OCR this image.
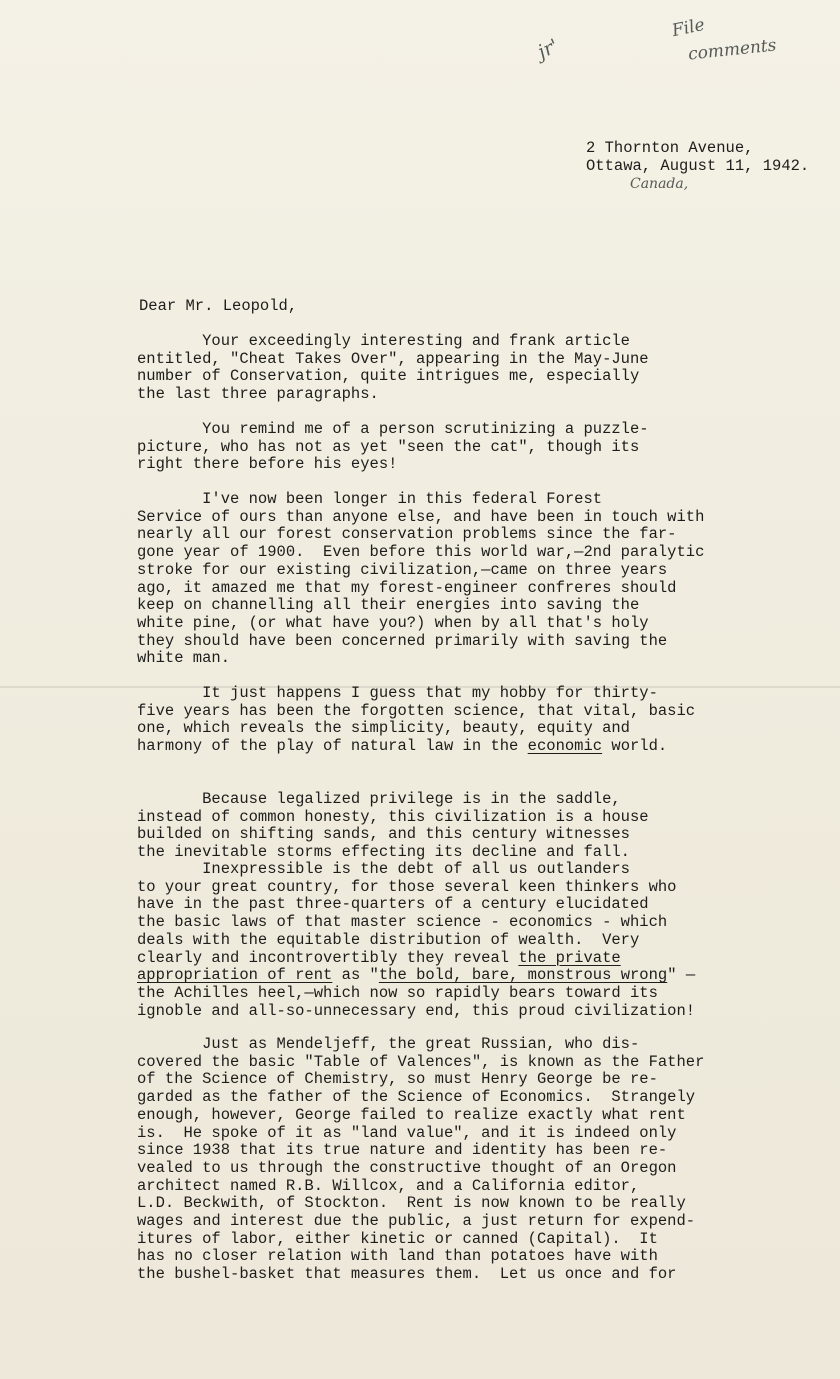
jr'
File
comments
Canada,
2 Thornton Avenue,
Ottawa, August 11, 1942.
Dear Mr. Leopold,
Your exceedingly interesting and frank article
entitled, "Cheat Takes Over", appearing in the May-June
number of Conservation, quite intrigues me, especially
the last three paragraphs.
You remind me of a person scrutinizing a puzzle-
picture, who has not as yet "seen the cat", though its
right there before his eyes!
I've now been longer in this federal Forest
Service of ours than anyone else, and have been in touch with
nearly all our forest conservation problems since the far-
gone year of 1900.  Even before this world war,—2nd paralytic
stroke for our existing civilization,—came on three years
ago, it amazed me that my forest-engineer confreres should
keep on channelling all their energies into saving the
white pine, (or what have you?) when by all that's holy
they should have been concerned primarily with saving the
white man.
It just happens I guess that my hobby for thirty-
five years has been the forgotten science, that vital, basic
one, which reveals the simplicity, beauty, equity and
harmony of the play of natural law in the economic world.
Because legalized privilege is in the saddle,
instead of common honesty, this civilization is a house
builded on shifting sands, and this century witnesses
the inevitable storms effecting its decline and fall.
Inexpressible is the debt of all us outlanders
to your great country, for those several keen thinkers who
have in the past three-quarters of a century elucidated
the basic laws of that master science - economics - which
deals with the equitable distribution of wealth.  Very
clearly and incontrovertibly they reveal the private
appropriation of rent as "the bold, bare, monstrous wrong" —
the Achilles heel,—which now so rapidly bears toward its
ignoble and all-so-unnecessary end, this proud civilization!
Just as Mendeljeff, the great Russian, who dis-
covered the basic "Table of Valences", is known as the Father
of the Science of Chemistry, so must Henry George be re-
garded as the father of the Science of Economics.  Strangely
enough, however, George failed to realize exactly what rent
is.  He spoke of it as "land value", and it is indeed only
since 1938 that its true nature and identity has been re-
vealed to us through the constructive thought of an Oregon
architect named R.B. Willcox, and a California editor,
L.D. Beckwith, of Stockton.  Rent is now known to be really
wages and interest due the public, a just return for expend-
itures of labor, either kinetic or canned (Capital).  It
has no closer relation with land than potatoes have with
the bushel-basket that measures them.  Let us once and for
